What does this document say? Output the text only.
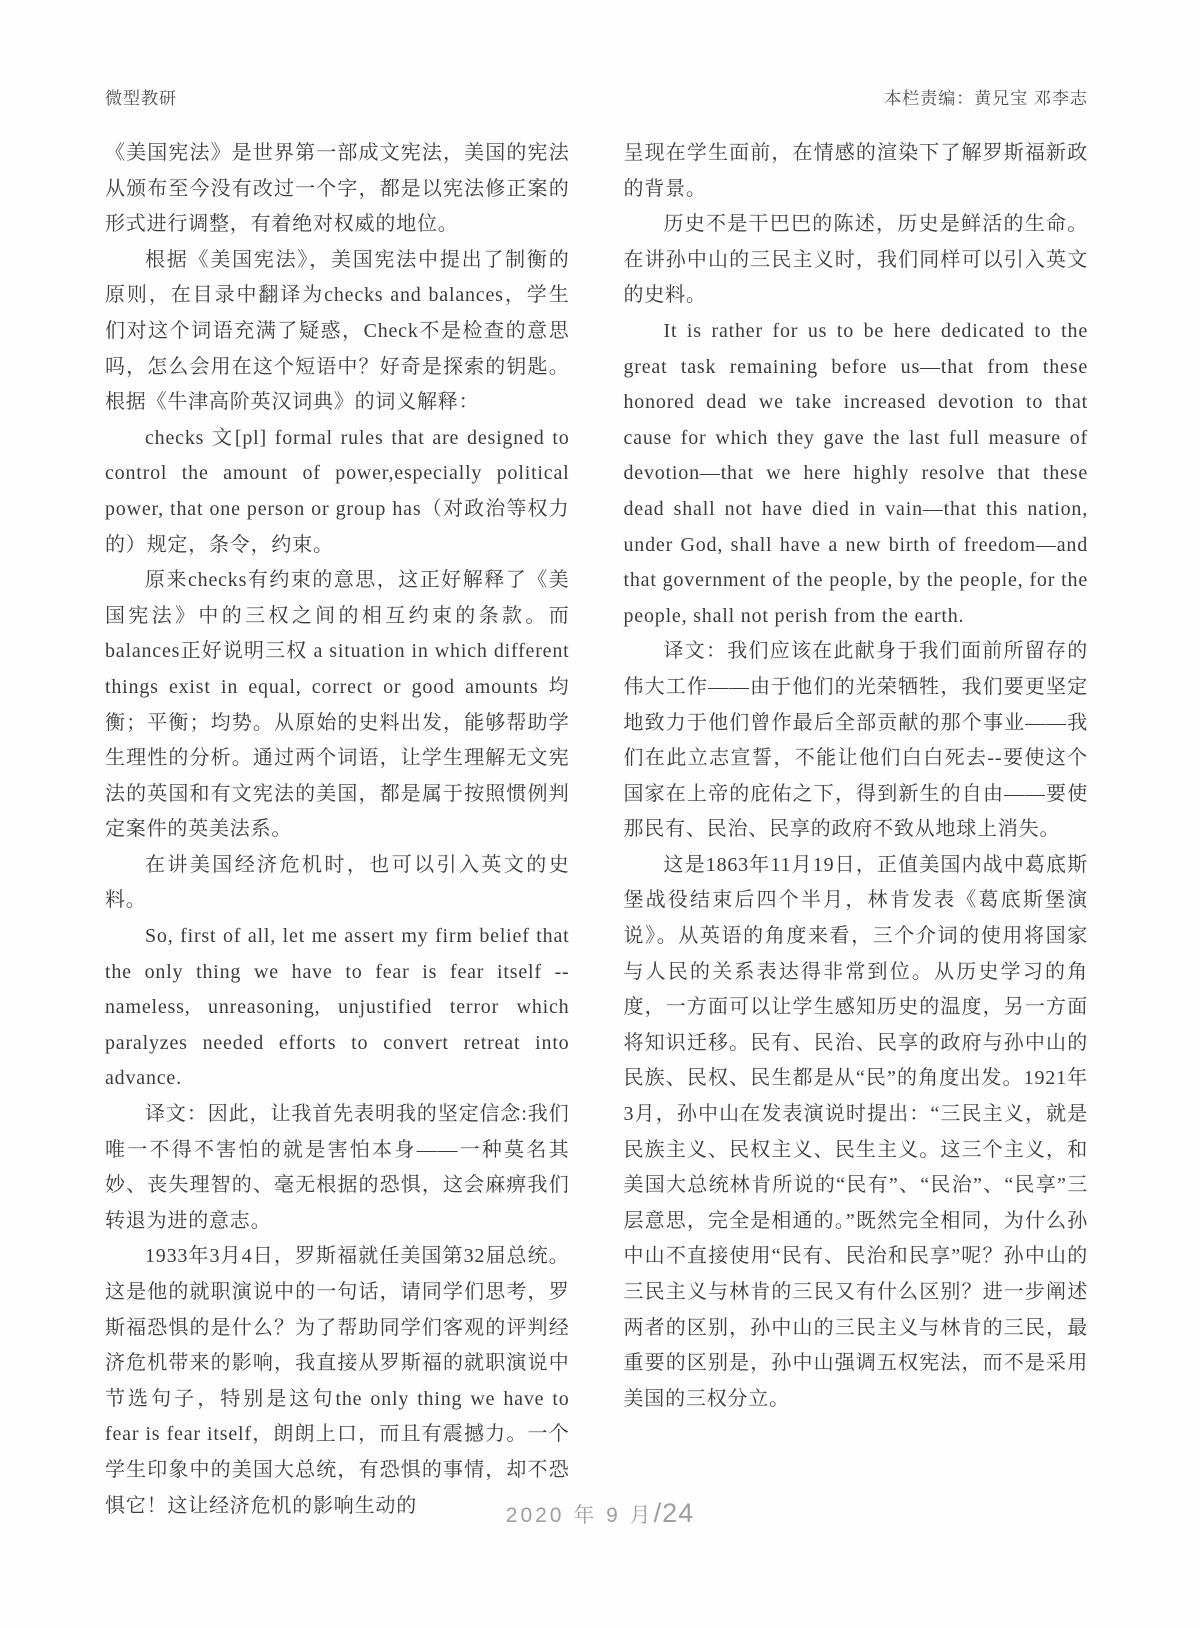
微型教研	本栏责编：黄兄宝 邓李志

《美国宪法》是世界第一部成文宪法，美国的宪法从颁布至今没有改过一个字，都是以宪法修正案的形式进行调整，有着绝对权威的地位。

根据《美国宪法》，美国宪法中提出了制衡的原则，在目录中翻译为checks and balances，学生们对这个词语充满了疑惑，Check不是检查的意思吗，怎么会用在这个短语中？好奇是探索的钥匙。根据《牛津高阶英汉词典》的词义解释：

checks 文[pl] formal rules that are designed to control the amount of power,especially political power, that one person or group has（对政治等权力的）规定，条令，约束。

原来checks有约束的意思，这正好解释了《美国宪法》中的三权之间的相互约束的条款。而balances正好说明三权 a situation in which different things exist in equal, correct or good amounts 均衡；平衡；均势。从原始的史料出发，能够帮助学生理性的分析。通过两个词语，让学生理解无文宪法的英国和有文宪法的美国，都是属于按照惯例判定案件的英美法系。

在讲美国经济危机时，也可以引入英文的史料。

So, first of all, let me assert my firm belief that the only thing we have to fear is fear itself -- nameless, unreasoning, unjustified terror which paralyzes needed efforts to convert retreat into advance.

译文：因此，让我首先表明我的坚定信念:我们唯一不得不害怕的就是害怕本身——一种莫名其妙、丧失理智的、毫无根据的恐惧，这会麻痹我们转退为进的意志。

1933年3月4日，罗斯福就任美国第32届总统。这是他的就职演说中的一句话，请同学们思考，罗斯福恐惧的是什么？为了帮助同学们客观的评判经济危机带来的影响，我直接从罗斯福的就职演说中节选句子，特别是这句the only thing we have to fear is fear itself，朗朗上口，而且有震撼力。一个学生印象中的美国大总统，有恐惧的事情，却不恐惧它！这让经济危机的影响生动的

呈现在学生面前，在情感的渲染下了解罗斯福新政的背景。

历史不是干巴巴的陈述，历史是鲜活的生命。在讲孙中山的三民主义时，我们同样可以引入英文的史料。

It is rather for us to be here dedicated to the great task remaining before us—that from these honored dead we take increased devotion to that cause for which they gave the last full measure of devotion—that we here highly resolve that these dead shall not have died in vain—that this nation, under God, shall have a new birth of freedom—and that government of the people, by the people, for the people, shall not perish from the earth.

译文：我们应该在此献身于我们面前所留存的伟大工作——由于他们的光荣牺牲，我们要更坚定地致力于他们曾作最后全部贡献的那个事业——我们在此立志宣誓，不能让他们白白死去--要使这个国家在上帝的庇佑之下，得到新生的自由——要使那民有、民治、民享的政府不致从地球上消失。

这是1863年11月19日，正值美国内战中葛底斯堡战役结束后四个半月，林肯发表《葛底斯堡演说》。从英语的角度来看，三个介词的使用将国家与人民的关系表达得非常到位。从历史学习的角度，一方面可以让学生感知历史的温度，另一方面将知识迁移。民有、民治、民享的政府与孙中山的民族、民权、民生都是从“民”的角度出发。1921年3月，孙中山在发表演说时提出：“三民主义，就是民族主义、民权主义、民生主义。这三个主义，和美国大总统林肯所说的“民有”、“民治”、“民享”三层意思，完全是相通的。”既然完全相同，为什么孙中山不直接使用“民有、民治和民享”呢？孙中山的三民主义与林肯的三民又有什么区别？进一步阐述两者的区别，孙中山的三民主义与林肯的三民，最重要的区别是，孙中山强调五权宪法，而不是采用美国的三权分立。

2020 年 9 月/24
